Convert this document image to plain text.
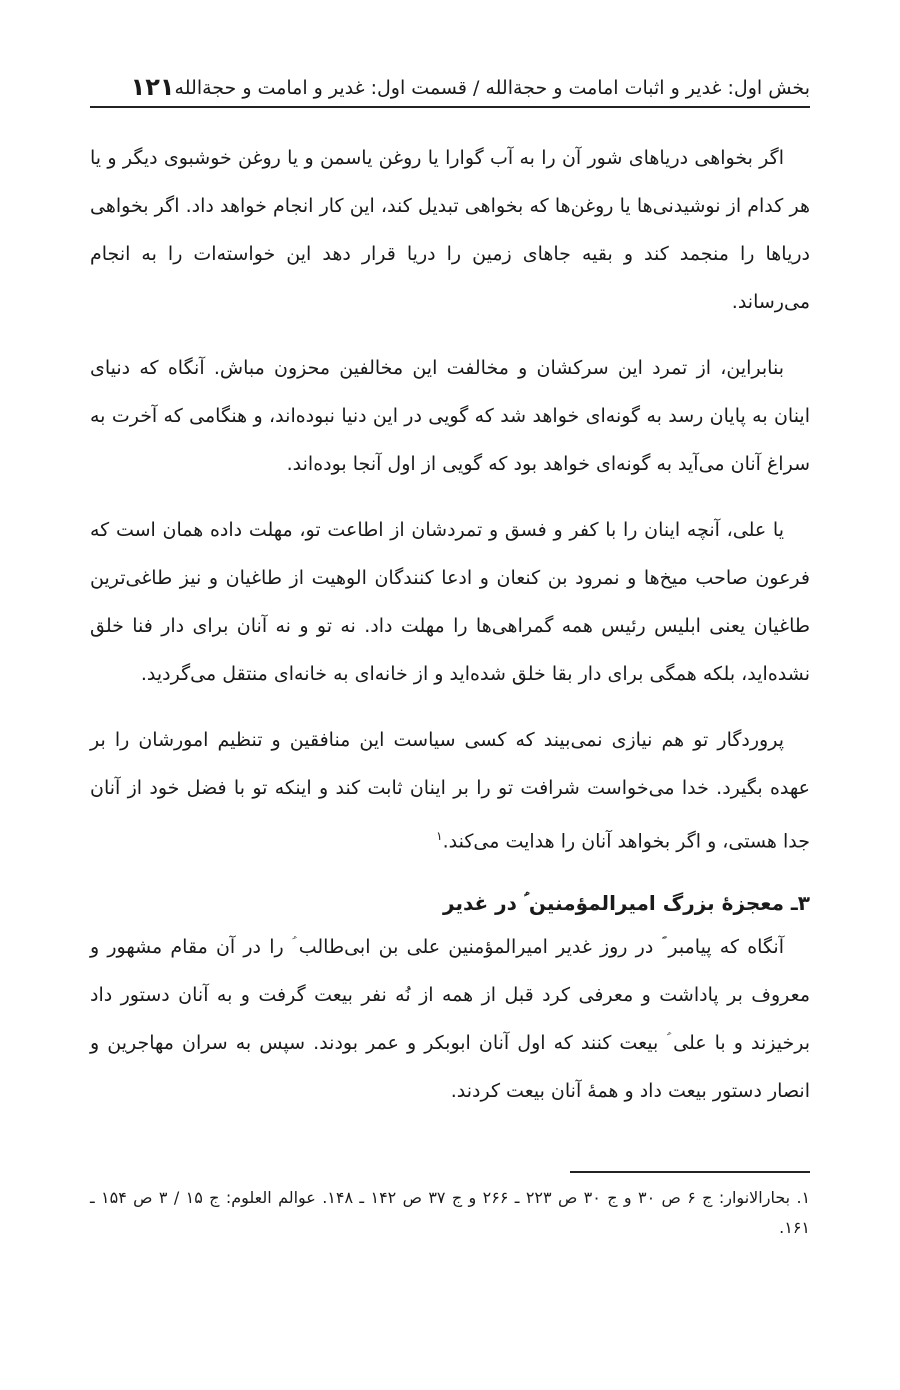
بخش اول: غدیر و اثبات امامت و حجةالله / قسمت اول: غدیر و امامت و حجةالله
۱۲۱

اگر بخواهی دریاهای شور آن را به آب گوارا یا روغن یاسمن و یا روغن خوشبوی دیگر و یا هر کدام از نوشیدنی‌ها یا روغن‌ها که بخواهی تبدیل کند، این کار انجام خواهد داد. اگر بخواهی دریاها را منجمد کند و بقیه جاهای زمین را دریا قرار دهد این خواسته‌ات را به انجام می‌رساند.

بنابراین، از تمرد این سرکشان و مخالفت این مخالفین محزون مباش. آنگاه که دنیای اینان به پایان رسد به گونه‌ای خواهد شد که گویی در این دنیا نبوده‌اند، و هنگامی که آخرت به سراغ آنان می‌آید به گونه‌ای خواهد بود که گویی از اول آنجا بوده‌اند.

یا علی، آنچه اینان را با کفر و فسق و تمردشان از اطاعت تو، مهلت داده همان است که فرعون صاحب میخ‌ها و نمرود بن کنعان و ادعا کنندگان الوهیت از طاغیان و نیز طاغی‌ترین طاغیان یعنی ابلیس رئیس همه گمراهی‌ها را مهلت داد. نه تو و نه آنان برای دار فنا خلق نشده‌اید، بلکه همگی برای دار بقا خلق شده‌اید و از خانه‌ای به خانه‌ای منتقل می‌گردید.

پروردگار تو هم نیازی نمی‌بیند که کسی سیاست این منافقین و تنظیم امورشان را بر عهده بگیرد. خدا می‌خواست شرافت تو را بر اینان ثابت کند و اینکه تو با فضل خود از آنان جدا هستی، و اگر بخواهد آنان را هدایت می‌کند.$^۱$

۳ـ معجزهٔ بزرگ امیرالمؤمنین ؑ در غدیر

آنگاه که پیامبر ؐ در روز غدیر امیرالمؤمنین علی بن ابی‌طالب ؑ را در آن مقام مشهور و معروف بر پاداشت و معرفی کرد قبل از همه از نُه نفر بیعت گرفت و به آنان دستور داد برخیزند و با علی ؑ بیعت کنند که اول آنان ابوبکر و عمر بودند. سپس به سران مهاجرین و انصار دستور بیعت داد و همهٔ آنان بیعت کردند.

۱. بحارالانوار: ج ۶ ص ۳۰ و ج ۳۰ ص ۲۲۳ ـ ۲۶۶ و ج ۳۷ ص ۱۴۲ ـ ۱۴۸. عوالم العلوم: ج ۱۵ / ۳ ص ۱۵۴ ـ ۱۶۱.
